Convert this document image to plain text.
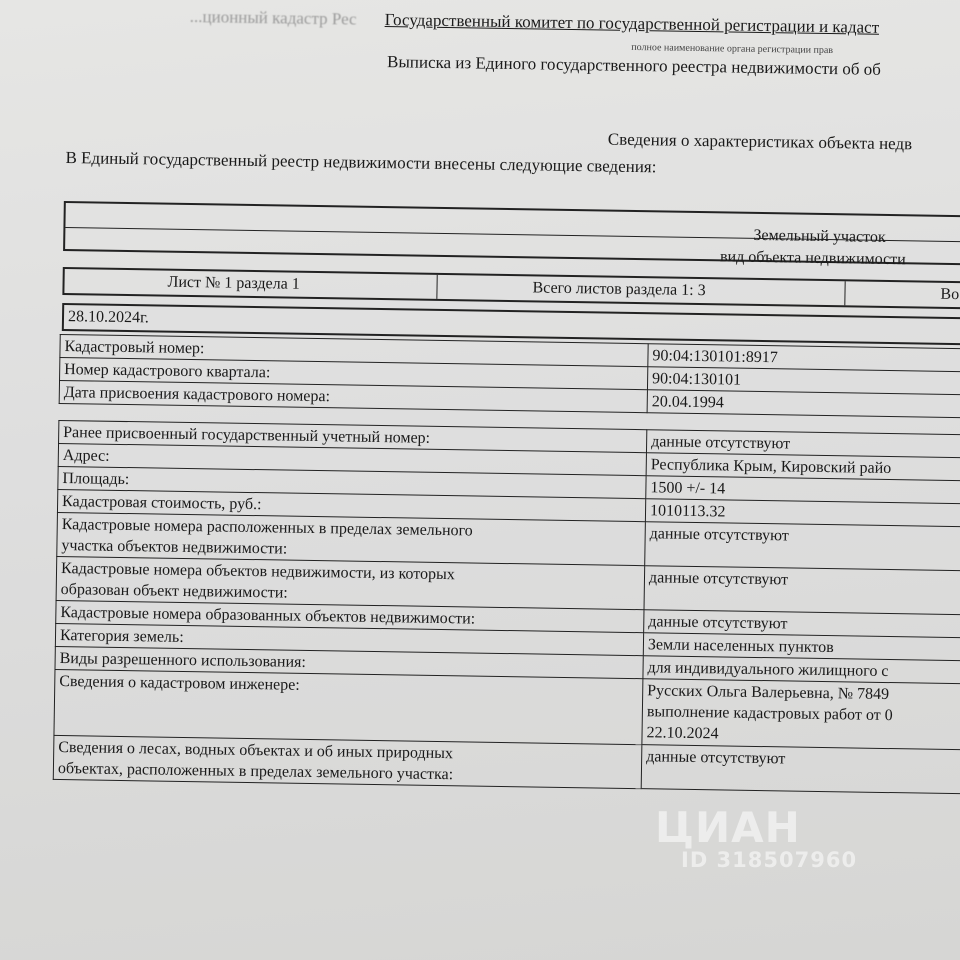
...ционный кадастр Рес Государственный комитет по государственной регистрации и кадаст
полное наименование органа регистрации прав
Выписка из Единого государственного реестра недвижимости об об
Сведения о характеристиках объекта недв
В Единый государственный реестр недвижимости внесены следующие сведения:
Земельный участок
вид объекта недвижимости
Лист № 1 раздела 1	Всего листов раздела 1: 3	Во
28.10.2024г.
Кадастровый номер:	90:04:130101:8917
Номер кадастрового квартала:	90:04:130101
Дата присвоения кадастрового номера:	20.04.1994
Ранее присвоенный государственный учетный номер:	данные отсутствуют
Адрес:	Республика Крым, Кировский райо
Площадь:	1500 +/- 14
Кадастровая стоимость, руб.:	1010113.32

Кадастровые номера расположенных в пределах земельного
участка объектов недвижимости:	данные отсутствуют

Кадастровые номера объектов недвижимости, из которых
образован объект недвижимости:	данные отсутствуют
Кадастровые номера образованных объектов недвижимости:	данные отсутствуют
Категория земель:	Земли населенных пунктов
Виды разрешенного использования:	для индивидуального жилищного с
Сведения о кадастровом инженере:	Русских Ольга Валерьевна, № 7849
выполнение кадастровых работ от 0
22.10.2024

Сведения о лесах, водных объектах и об иных природных
объектах, расположенных в пределах земельного участка:	данные отсутствуют
ЦИАН
ID 318507960
